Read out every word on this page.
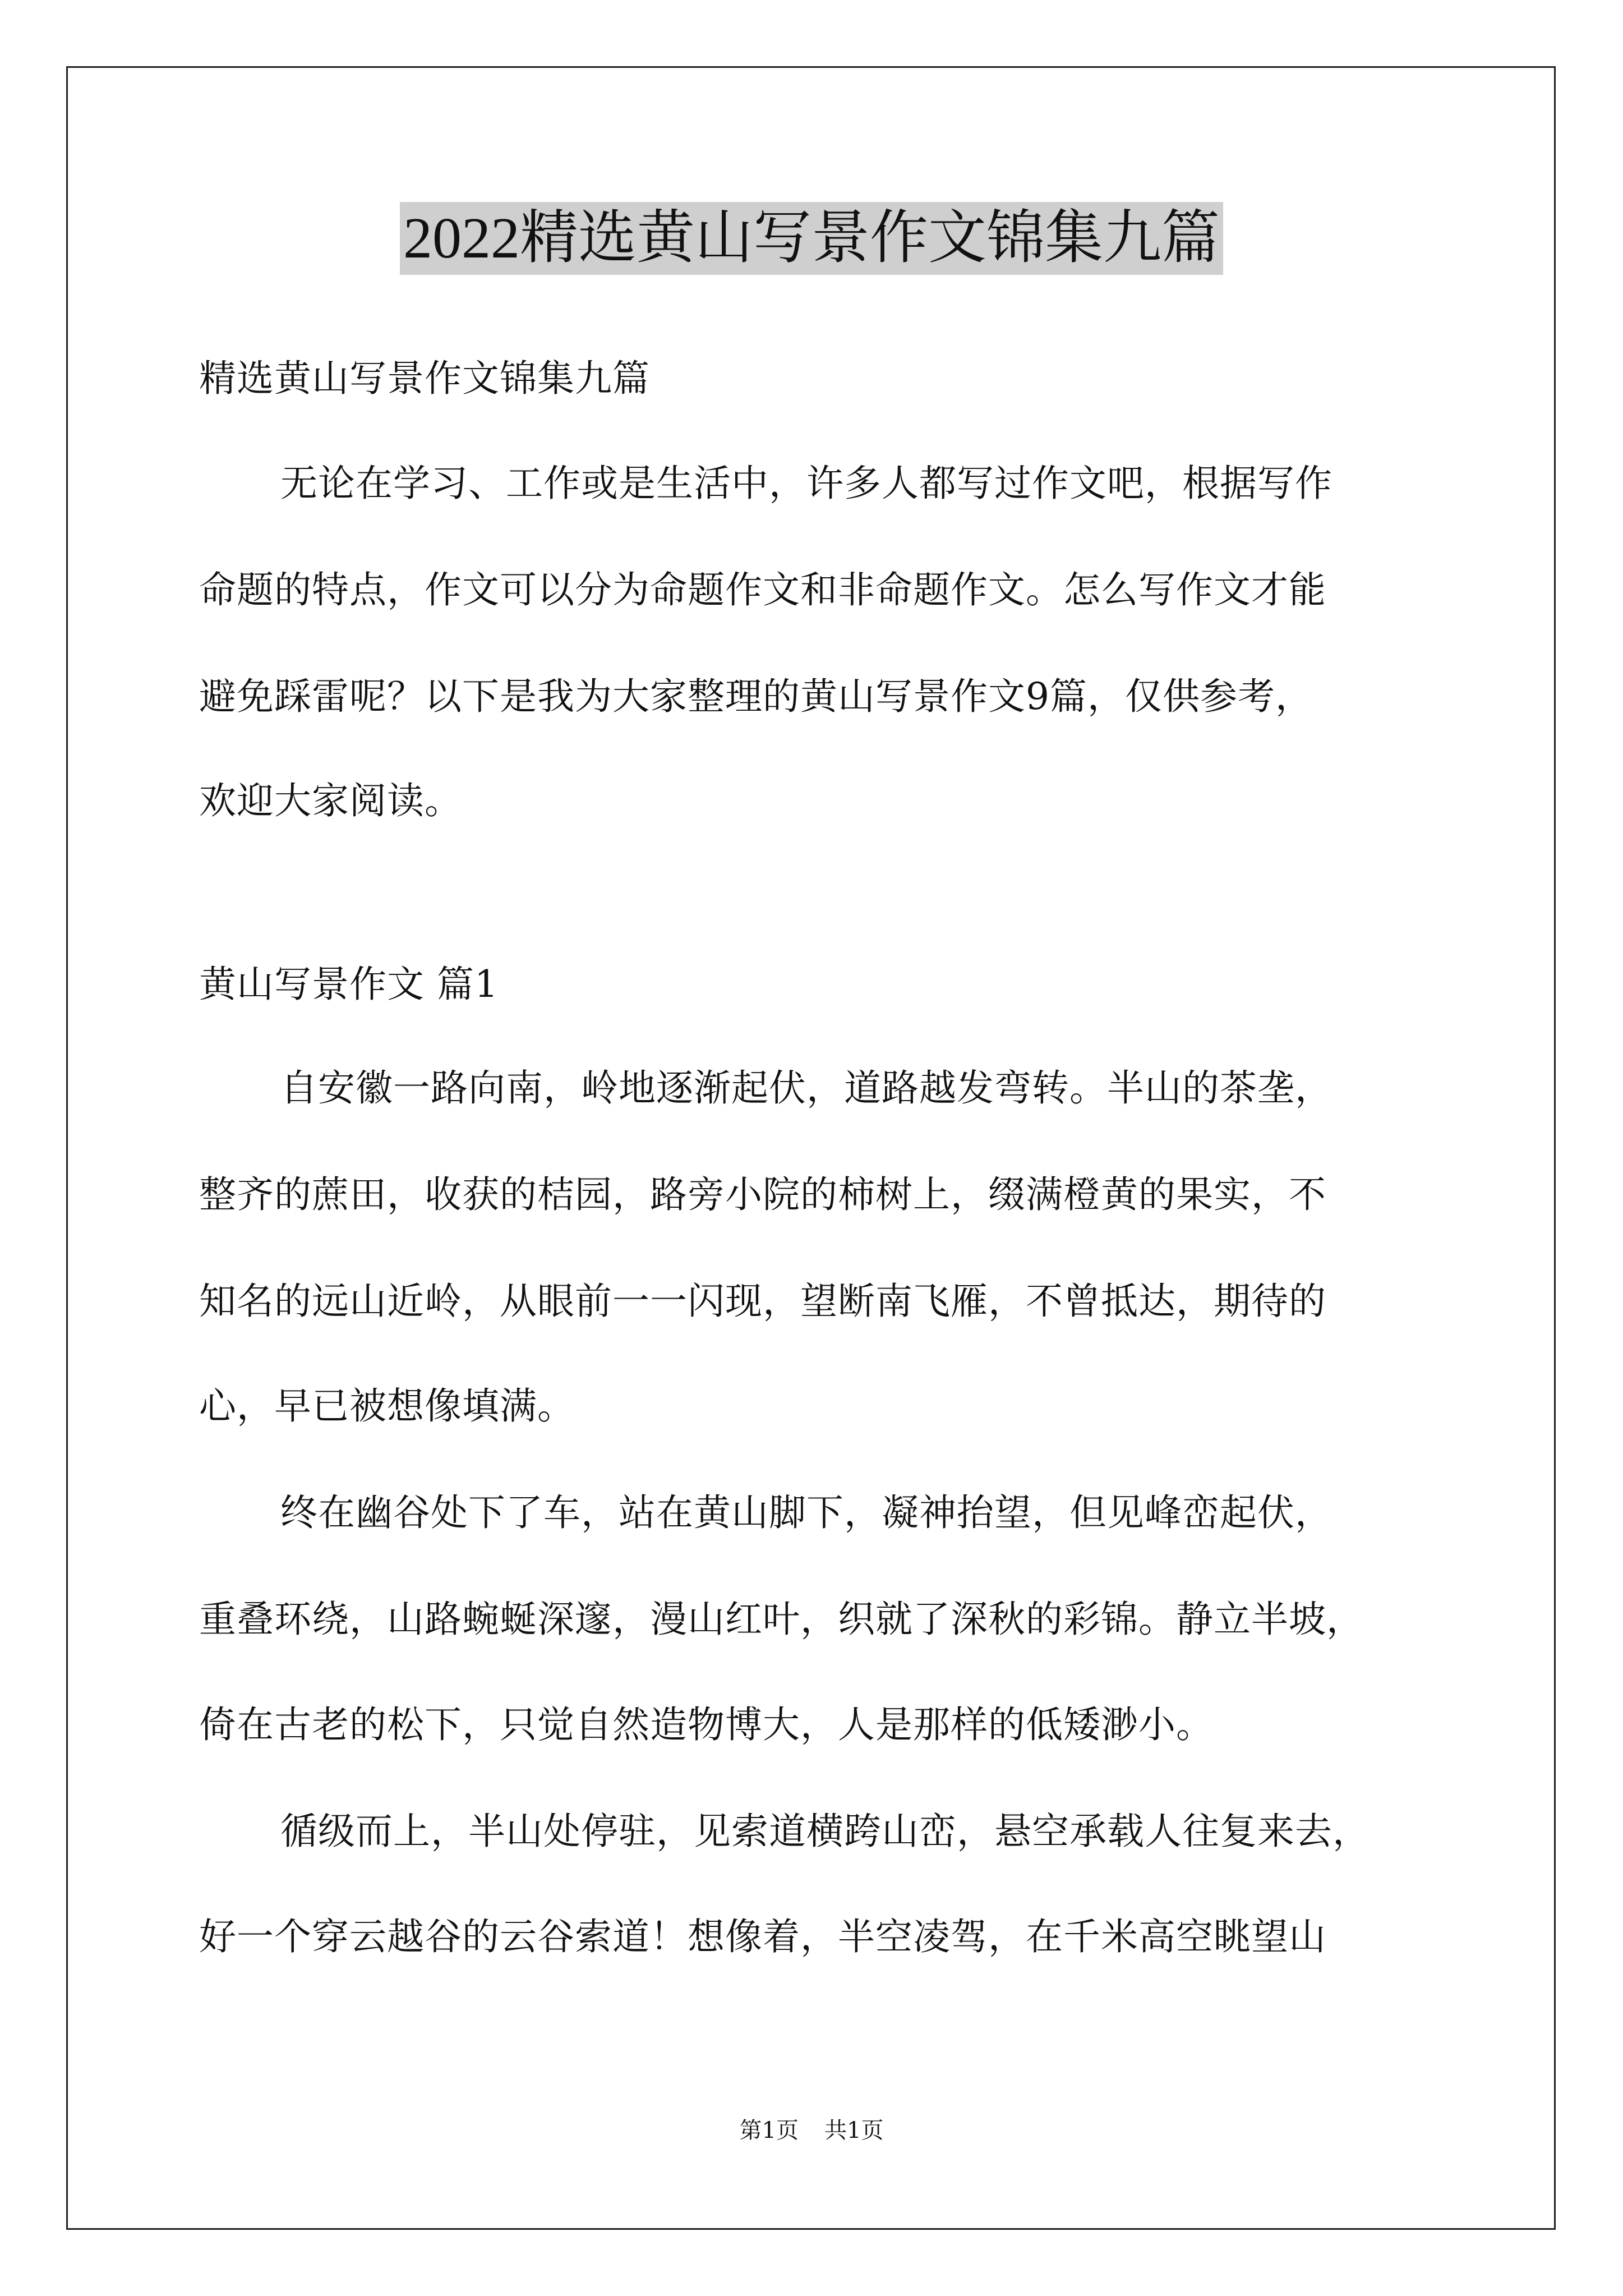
2022精选黄山写景作文锦集九篇
精选黄山写景作文锦集九篇
无论在学习、工作或是生活中，许多人都写过作文吧，根据写作
命题的特点，作文可以分为命题作文和非命题作文。怎么写作文才能
避免踩雷呢？以下是我为大家整理的黄山写景作文9篇，仅供参考，
欢迎大家阅读。
黄山写景作文 篇1
自安徽一路向南，岭地逐渐起伏，道路越发弯转。半山的茶垄，
整齐的蔗田，收获的桔园，路旁小院的柿树上，缀满橙黄的果实，不
知名的远山近岭，从眼前一一闪现，望断南飞雁，不曾抵达，期待的
心，早已被想像填满。
终在幽谷处下了车，站在黄山脚下，凝神抬望，但见峰峦起伏，
重叠环绕，山路蜿蜒深邃，漫山红叶，织就了深秋的彩锦。静立半坡，
倚在古老的松下，只觉自然造物博大，人是那样的低矮渺小。
循级而上，半山处停驻，见索道横跨山峦，悬空承载人往复来去，
好一个穿云越谷的云谷索道！想像着，半空凌驾，在千米高空眺望山
第1页 共1页
